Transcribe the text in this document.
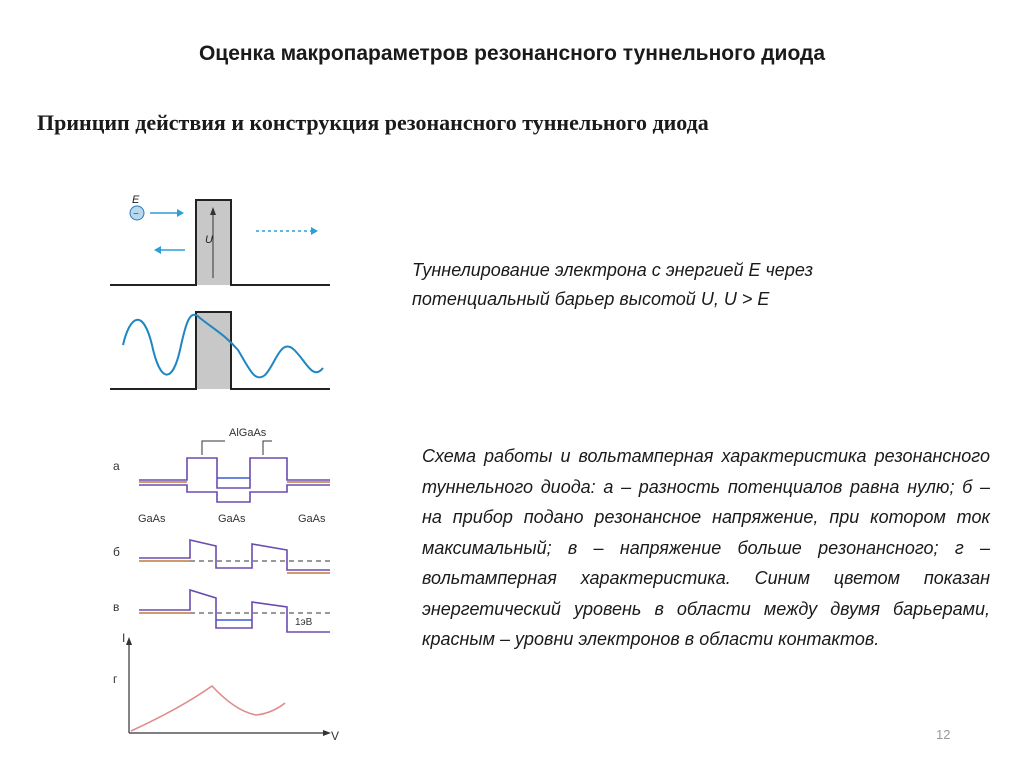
Оценка макропараметров резонансного туннельного диода
Принцип действия и конструкция резонансного туннельного диода
U
−
E
AlGaAs
а
GaAs	GaAs	GaAs
б
в
1эВ
г
I
V
Туннелирование электрона с энергией Е через потенциальный барьер высотой U, U > E
Схема работы и вольтамперная характеристика резонансного туннельного диода: а – разность потенциалов равна нулю; б – на прибор подано резонансное напряжение, при котором ток максимальный; в – напряжение больше резонансного; г – вольтамперная характеристика. Синим цветом показан энергетический уровень в области между двумя барьерами, красным – уровни электронов в области контактов.
12
